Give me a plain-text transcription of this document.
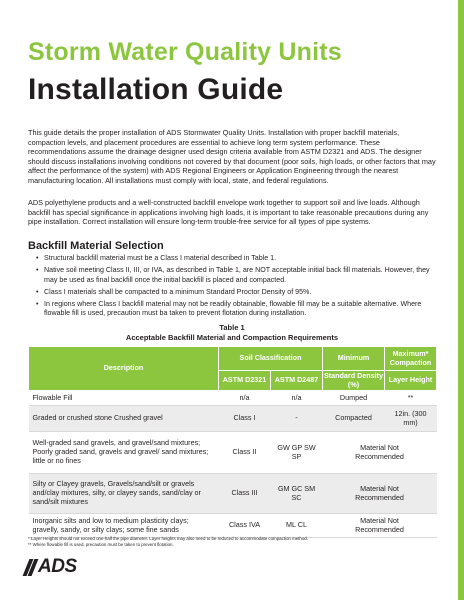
Storm Water Quality Units
Installation Guide

This guide details the proper installation of ADS Stormwater Quality Units. Installation with proper backfill materials, compaction levels, and placement procedures are essential to achieve long term system performance. These recommendations assume the drainage designer used design criteria available from ASTM D2321 and ADS. The designer should discuss installations involving conditions not covered by that document (poor soils, high loads, or other factors that may affect the performance of the system) with ADS Regional Engineers or Application Engineering through the nearest manufacturing location. All installations must comply with local, state, and federal regulations.

ADS polyethylene products and a well-constructed backfill envelope work together to support soil and live loads. Although backfill has special significance in applications involving high loads, it is important to take reasonable precautions during any pipe installation. Correct installation will ensure long-term trouble-free service for all types of pipe systems.

Backfill Material Selection
• Structural backfill material must be a Class I material described in Table 1.
• Native soil meeting Class II, III, or IVA, as described in Table 1, are NOT acceptable initial back fill materials. However, they may be used as final backfill once the initial backfill is placed and compacted.
• Class I materials shall be compacted to a minimum Standard Proctor Density of 95%.
• In regions where Class I backfill material may not be readily obtainable, flowable fill may be a suitable alternative. Where flowable fill is used, precaution must ba taken to prevent flotation during installation.
Table 1
Acceptable Backfill Material and Compaction Requirements
Description	Soil Classification		Minimum	Maximum* Compaction
	ASTM D2321	ASTM D2487	Standard Density (%)	Layer Height
Flowable Fill	n/a	n/a	Dumped	**
Graded or crushed stone Crushed gravel	Class I	-	Compacted	12in. (300 mm)
Well-graded sand gravels, and gravel/sand mixtures; Poorly graded sand, gravels and gravel/ sand mixtures; little or no fines	Class II	GW GP SW SP	Material Not Recommended	
Silty or Clayey gravels, Gravels/sand/silt or gravels and/clay mixtures, silty, or clayey sands, sand/clay or sand/silt mixtures	Class III	GM GC SM SC	Material Not Recommended	
Inorganic silts and low to medium plasticity clays; gravelly, sandy, or silty clays; some fine sands	Class IVA	ML CL	Material Not Recommended	
* Layer Heights should not exceed one-half the pipe diameter. Layer heights may also need to be reduced to accommodate compaction method.
** Where flowable fill is used, precaution must be taken to prevent flotation.
ADS
